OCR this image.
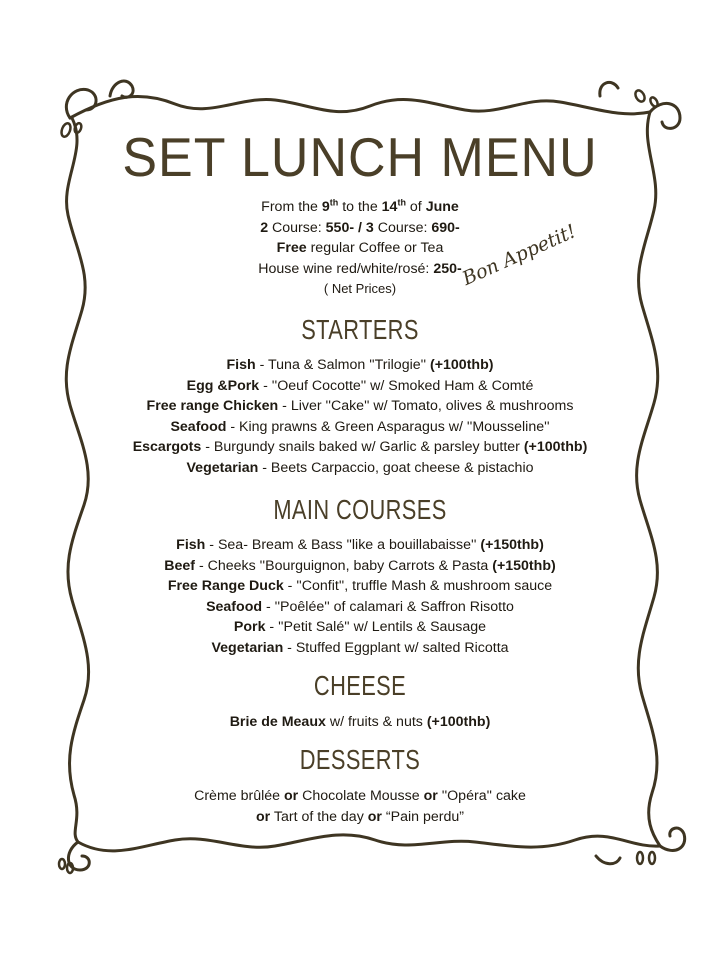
SET LUNCH MENU
From the 9th to the 14th of June
2 Course: 550- / 3 Course: 690-
Free regular Coffee or Tea
House wine red/white/rosé: 250-
( Net Prices)	Bon Appetit!
STARTERS
Fish - Tuna & Salmon ''Trilogie'' (+100thb)
Egg &Pork - ''Oeuf Cocotte'' w/ Smoked Ham & Comté
Free range Chicken - Liver ''Cake'' w/ Tomato, olives & mushrooms
Seafood - King prawns & Green Asparagus w/ ''Mousseline''
Escargots - Burgundy snails baked w/ Garlic & parsley butter (+100thb)
Vegetarian - Beets Carpaccio, goat cheese & pistachio
MAIN COURSES
Fish - Sea- Bream & Bass ''like a bouillabaisse'' (+150thb)
Beef - Cheeks ''Bourguignon, baby Carrots & Pasta (+150thb)
Free Range Duck - ''Confit'', truffle Mash & mushroom sauce
Seafood - ''Poêlée'' of calamari & Saffron Risotto
Pork - ''Petit Salé'' w/ Lentils & Sausage
Vegetarian - Stuffed Eggplant w/ salted Ricotta
CHEESE
Brie de Meaux w/ fruits & nuts (+100thb)
DESSERTS
Crème brûlée or Chocolate Mousse or ''Opéra'' cake
or Tart of the day or “Pain perdu”
